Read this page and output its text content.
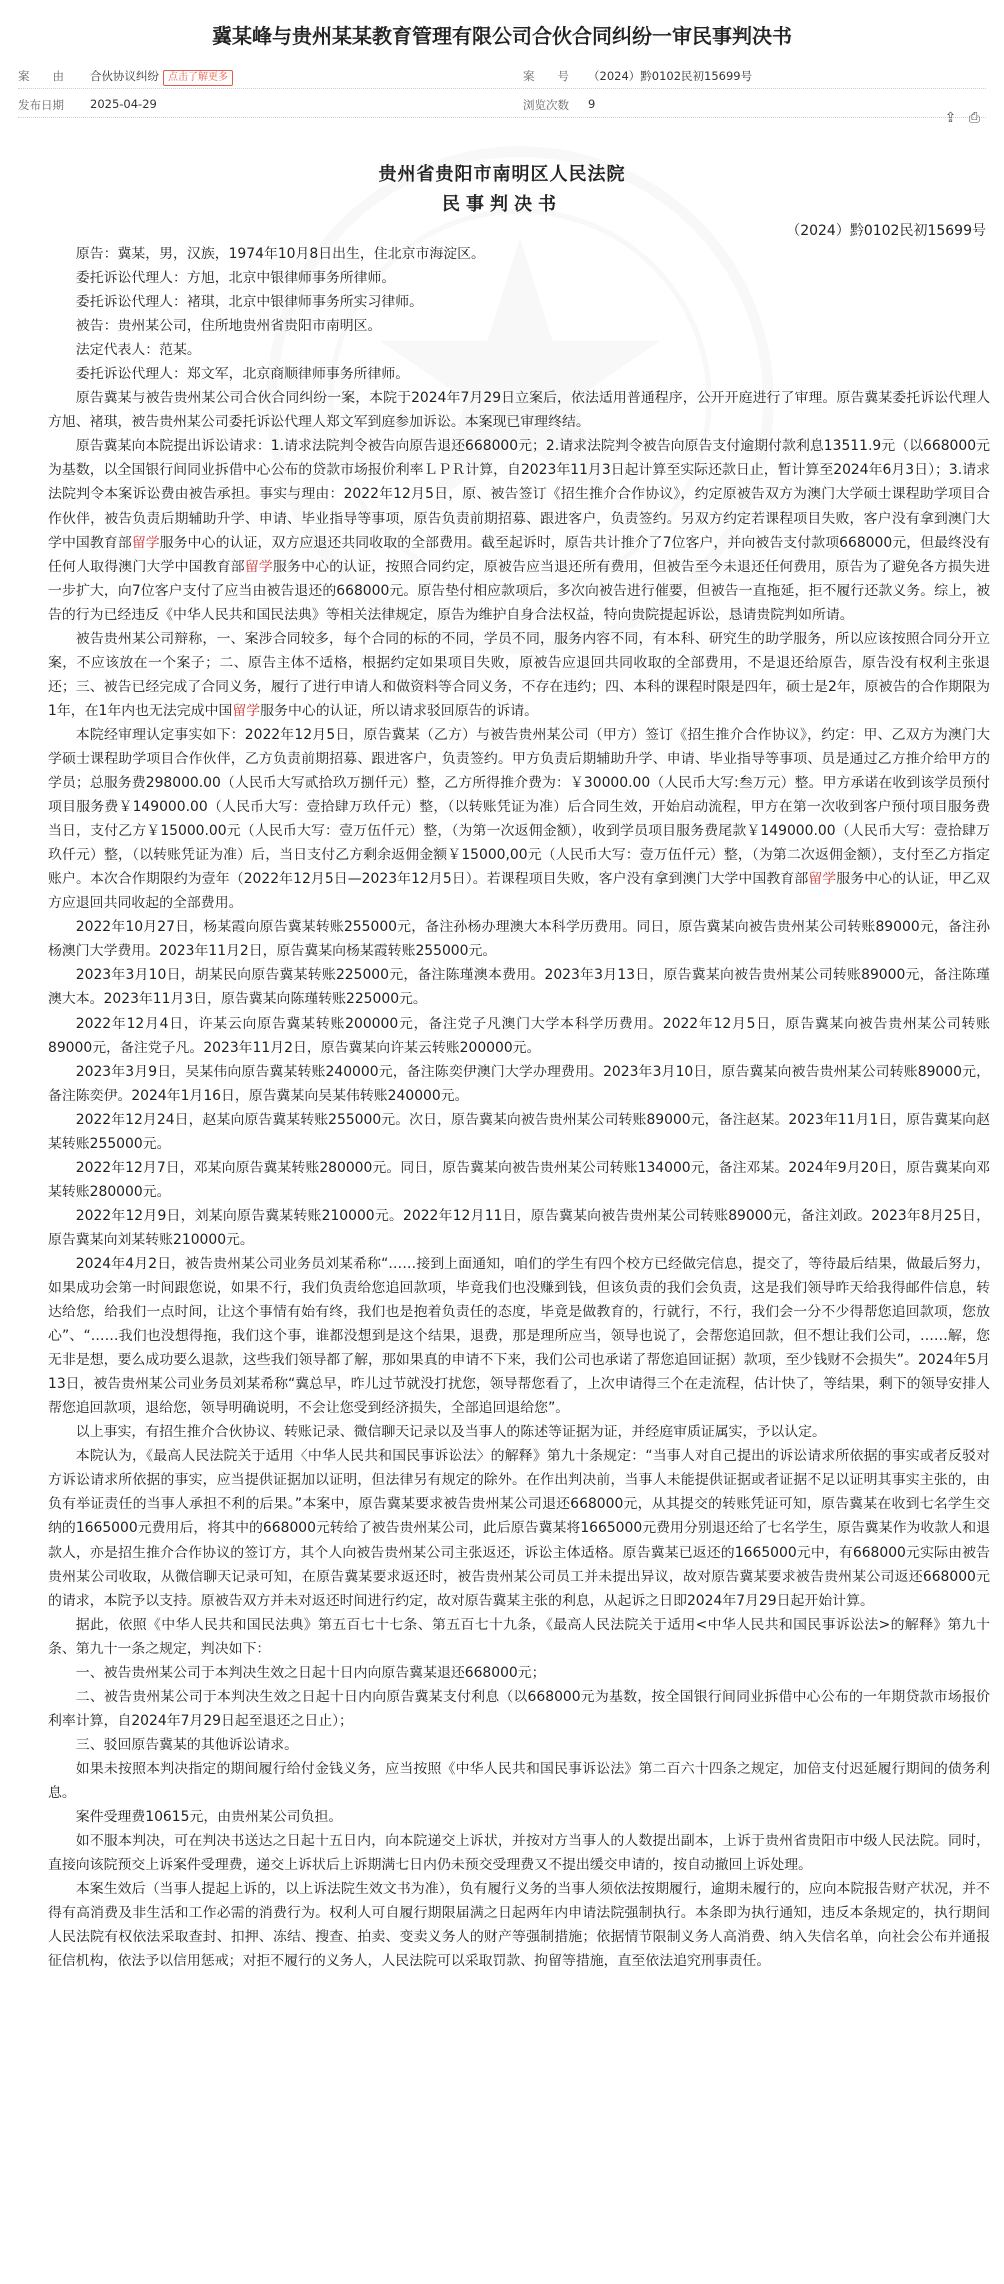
冀某峰与贵州某某教育管理有限公司合伙合同纠纷一审民事判决书
案　　由 合伙协议纠纷 点击了解更多	案　　号 （2024）黔0102民初15699号
发布日期 2025-04-29	浏览次数 9
⇪ ⎙
贵州省贵阳市南明区人民法院
民事判决书
（2024）黔0102民初15699号

原告：冀某，男，汉族，1974年10月8日出生，住北京市海淀区。

委托诉讼代理人：方旭，北京中银律师事务所律师。

委托诉讼代理人：褚琪，北京中银律师事务所实习律师。

被告：贵州某公司，住所地贵州省贵阳市南明区。

法定代表人：范某。

委托诉讼代理人：郑文军，北京商顺律师事务所律师。

原告冀某与被告贵州某公司合伙合同纠纷一案，本院于2024年7月29日立案后，依法适用普通程序，公开开庭进行了审理。原告冀某委托诉讼代理人方旭、褚琪，被告贵州某公司委托诉讼代理人郑文军到庭参加诉讼。本案现已审理终结。

原告冀某向本院提出诉讼请求：1.请求法院判令被告向原告退还668000元；2.请求法院判令被告向原告支付逾期付款利息13511.9元（以668000元为基数，以全国银行间同业拆借中心公布的贷款市场报价利率ＬＰＲ计算，自2023年11月3日起计算至实际还款日止，暂计算至2024年6月3日）；3.请求法院判令本案诉讼费由被告承担。事实与理由：2022年12月5日，原、被告签订《招生推介合作协议》，约定原被告双方为澳门大学硕士课程助学项目合作伙伴，被告负责后期辅助升学、申请、毕业指导等事项，原告负责前期招募、跟进客户，负责签约。另双方约定若课程项目失败，客户没有拿到澳门大学中国教育部留学服务中心的认证，双方应退还共同收取的全部费用。截至起诉时，原告共计推介了7位客户，并向被告支付款项668000元，但最终没有任何人取得澳门大学中国教育部留学服务中心的认证，按照合同约定，原被告应当退还所有费用，但被告至今未退还任何费用，原告为了避免各方损失进一步扩大，向7位客户支付了应当由被告退还的668000元。原告垫付相应款项后，多次向被告进行催要，但被告一直拖延，拒不履行还款义务。综上，被告的行为已经违反《中华人民共和国民法典》等相关法律规定，原告为维护自身合法权益，特向贵院提起诉讼，恳请贵院判如所请。

被告贵州某公司辩称，一、案涉合同较多，每个合同的标的不同，学员不同，服务内容不同，有本科、研究生的助学服务，所以应该按照合同分开立案，不应该放在一个案子；二、原告主体不适格，根据约定如果项目失败，原被告应退回共同收取的全部费用，不是退还给原告，原告没有权利主张退还；三、被告已经完成了合同义务，履行了进行申请人和做资料等合同义务，不存在违约；四、本科的课程时限是四年，硕士是2年，原被告的合作期限为1年，在1年内也无法完成中国留学服务中心的认证，所以请求驳回原告的诉请。

本院经审理认定事实如下：2022年12月5日，原告冀某（乙方）与被告贵州某公司（甲方）签订《招生推介合作协议》，约定：甲、乙双方为澳门大学硕士课程助学项目合作伙伴，乙方负责前期招募、跟进客户，负责签约。甲方负责后期辅助升学、申请、毕业指导等事项、员是通过乙方推介给甲方的学员；总服务费298000.00（人民币大写贰拾玖万捌仟元）整，乙方所得推介费为：￥30000.00（人民币大写:叁万元）整。甲方承诺在收到该学员预付项目服务费￥149000.00（人民币大写：壹拾肆万玖仟元）整，（以转账凭证为准）后合同生效，开始启动流程，甲方在第一次收到客户预付项目服务费当日，支付乙方￥15000.00元（人民币大写：壹万伍仟元）整，（为第一次返佣金额），收到学员项目服务费尾款￥149000.00（人民币大写：壹拾肆万玖仟元）整，（以转账凭证为准）后，当日支付乙方剩余返佣金额￥15000,00元（人民币大写：壹万伍仟元）整，（为第二次返佣金额），支付至乙方指定账户。本次合作期限约为壹年（2022年12月5日—2023年12月5日）。若课程项目失败，客户没有拿到澳门大学中国教育部留学服务中心的认证，甲乙双方应退回共同收起的全部费用。

2022年10月27日，杨某霞向原告冀某转账255000元，备注孙杨办理澳大本科学历费用。同日，原告冀某向被告贵州某公司转账89000元，备注孙杨澳门大学费用。2023年11月2日，原告冀某向杨某霞转账255000元。

2023年3月10日，胡某民向原告冀某转账225000元，备注陈瑾澳本费用。2023年3月13日，原告冀某向被告贵州某公司转账89000元，备注陈瑾澳大本。2023年11月3日，原告冀某向陈瑾转账225000元。

2022年12月4日，许某云向原告冀某转账200000元，备注党子凡澳门大学本科学历费用。2022年12月5日，原告冀某向被告贵州某公司转账89000元，备注党子凡。2023年11月2日，原告冀某向许某云转账200000元。

2023年3月9日，吴某伟向原告冀某转账240000元，备注陈奕伊澳门大学办理费用。2023年3月10日，原告冀某向被告贵州某公司转账89000元，备注陈奕伊。2024年1月16日，原告冀某向吴某伟转账240000元。

2022年12月24日，赵某向原告冀某转账255000元。次日，原告冀某向被告贵州某公司转账89000元，备注赵某。2023年11月1日，原告冀某向赵某转账255000元。

2022年12月7日，邓某向原告冀某转账280000元。同日，原告冀某向被告贵州某公司转账134000元，备注邓某。2024年9月20日，原告冀某向邓某转账280000元。

2022年12月9日，刘某向原告冀某转账210000元。2022年12月11日，原告冀某向被告贵州某公司转账89000元，备注刘政。2023年8月25日，原告冀某向刘某转账210000元。

2024年4月2日，被告贵州某公司业务员刘某希称“……接到上面通知，咱们的学生有四个校方已经做完信息，提交了，等待最后结果，做最后努力，如果成功会第一时间跟您说，如果不行，我们负责给您追回款项，毕竟我们也没赚到钱，但该负责的我们会负责，这是我们领导昨天给我得邮件信息，转达给您，给我们一点时间，让这个事情有始有终，我们也是抱着负责任的态度，毕竟是做教育的，行就行，不行，我们会一分不少得帮您追回款项，您放心”、“……我们也没想得拖，我们这个事，谁都没想到是这个结果，退费，那是理所应当，领导也说了，会帮您追回款，但不想让我们公司，……解，您无非是想，要么成功要么退款，这些我们领导都了解，那如果真的申请不下来，我们公司也承诺了帮您追回证据）款项，至少钱财不会损失”。2024年5月13日，被告贵州某公司业务员刘某希称“冀总早，昨儿过节就没打扰您，领导帮您看了，上次申请得三个在走流程，估计快了，等结果，剩下的领导安排人帮您追回款项，退给您，领导明确说明，不会让您受到经济损失，全部追回退给您”。

以上事实，有招生推介合伙协议、转账记录、微信聊天记录以及当事人的陈述等证据为证，并经庭审质证属实，予以认定。

本院认为，《最高人民法院关于适用〈中华人民共和国民事诉讼法〉的解释》第九十条规定：“当事人对自己提出的诉讼请求所依据的事实或者反驳对方诉讼请求所依据的事实，应当提供证据加以证明，但法律另有规定的除外。在作出判决前，当事人未能提供证据或者证据不足以证明其事实主张的，由负有举证责任的当事人承担不利的后果。”本案中，原告冀某要求被告贵州某公司退还668000元，从其提交的转账凭证可知，原告冀某在收到七名学生交纳的1665000元费用后，将其中的668000元转给了被告贵州某公司，此后原告冀某将1665000元费用分别退还给了七名学生，原告冀某作为收款人和退款人，亦是招生推介合作协议的签订方，其个人向被告贵州某公司主张返还，诉讼主体适格。原告冀某已返还的1665000元中，有668000元实际由被告贵州某公司收取，从微信聊天记录可知，在原告冀某要求返还时，被告贵州某公司员工并未提出异议，故对原告冀某要求被告贵州某公司返还668000元的请求，本院予以支持。原被告双方并未对返还时间进行约定，故对原告冀某主张的利息，从起诉之日即2024年7月29日起开始计算。

据此，依照《中华人民共和国民法典》第五百七十七条、第五百七十九条，《最高人民法院关于适用<中华人民共和国民事诉讼法>的解释》第九十条、第九十一条之规定，判决如下：

一、被告贵州某公司于本判决生效之日起十日内向原告冀某退还668000元；

二、被告贵州某公司于本判决生效之日起十日内向原告冀某支付利息（以668000元为基数，按全国银行间同业拆借中心公布的一年期贷款市场报价利率计算，自2024年7月29日起至退还之日止）；

三、驳回原告冀某的其他诉讼请求。

如果未按照本判决指定的期间履行给付金钱义务，应当按照《中华人民共和国民事诉讼法》第二百六十四条之规定，加倍支付迟延履行期间的债务利息。

案件受理费10615元，由贵州某公司负担。

如不服本判决，可在判决书送达之日起十五日内，向本院递交上诉状，并按对方当事人的人数提出副本，上诉于贵州省贵阳市中级人民法院。同时，直接向该院预交上诉案件受理费，递交上诉状后上诉期满七日内仍未预交受理费又不提出缓交申请的，按自动撤回上诉处理。

本案生效后（当事人提起上诉的，以上诉法院生效文书为准），负有履行义务的当事人须依法按期履行，逾期未履行的，应向本院报告财产状况，并不得有高消费及非生活和工作必需的消费行为。权利人可自履行期限届满之日起两年内申请法院强制执行。本条即为执行通知，违反本条规定的，执行期间人民法院有权依法采取查封、扣押、冻结、搜查、拍卖、变卖义务人的财产等强制措施；依据情节限制义务人高消费、纳入失信名单，向社会公布并通报征信机构，依法予以信用惩戒；对拒不履行的义务人，人民法院可以采取罚款、拘留等措施，直至依法追究刑事责任。
